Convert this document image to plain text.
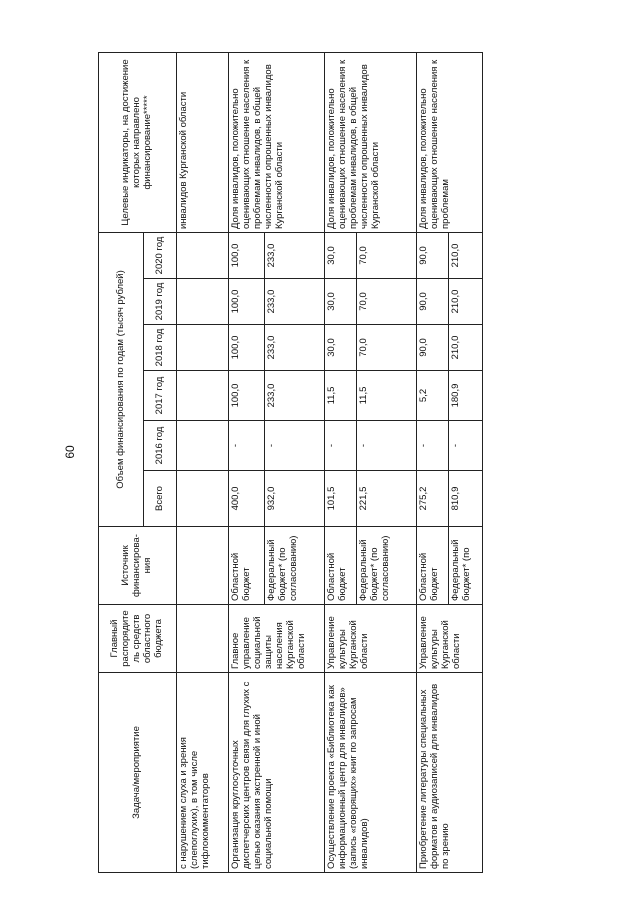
60
Задача/мероприятие	Главный распорядитель средств областного бюджета	Источник финансирова-ния	Объем финансирования по годам (тысяч рублей)						Целевые индикаторы, на достижение которых направлено финансирование*****
			Всего	2016 год	2017 год	2018 год	2019 год	2020 год	
с нарушением слуха и зрения (слепоглухих), в том числе тифлокомментаторов									инвалидов Курганской области
Организация круглосуточных диспетчерских центров связи для глухих с целью оказания экстренной и иной социальной помощи	Главное управление социальной защиты населения Курганской области	Областной бюджет	400,0	-	100,0	100,0	100,0	100,0	Доля инвалидов, положительно оценивающих отношение населения к проблемам инвалидов, в общей численности опрошенных инвалидов Курганской области
		Федеральный бюджет* (по согласованию)	932,0	-	233,0	233,0	233,0	233,0	
Осуществление проекта «Библиотека как информационный центр для инвалидов» (запись «говорящих» книг по запросам инвалидов)	Управление культуры Курганской области	Областной бюджет	101,5	-	11,5	30,0	30,0	30,0	Доля инвалидов, положительно оценивающих отношение населения к проблемам инвалидов, в общей численности опрошенных инвалидов Курганской области
		Федеральный бюджет* (по согласованию)	221,5	-	11,5	70,0	70,0	70,0	
Приобретение литературы специальных форматов и аудиозаписей для инвалидов по зрению	Управление культуры Курганской области	Областной бюджет	275,2	-	5,2	90,0	90,0	90,0	Доля инвалидов, положительно оценивающих отношение населения к проблемам
		Федеральный бюджет* (по	810,9	-	180,9	210,0	210,0	210,0	
